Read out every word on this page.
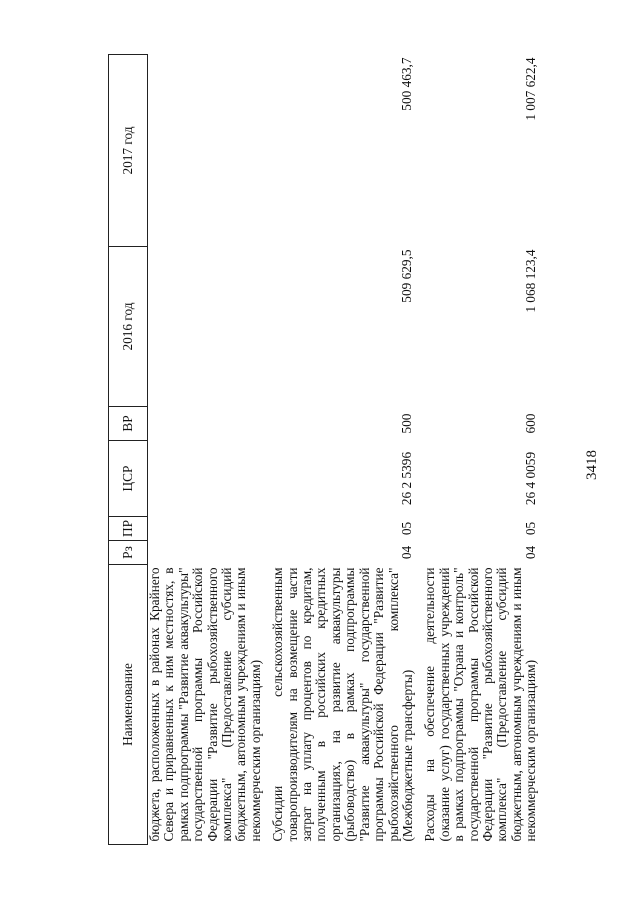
3418
Наименование	Рз	ПР	ЦСР	ВР	2016 год	2017 год
бюджета, расположенных в районах Крайнего Севера и приравненных к ним местностях, в рамках подпрограммы "Развитие аквакультуры" государственной программы Российской Федерации "Развитие рыбохозяйственного комплекса" (Предоставление субсидий бюджетным, автономным учреждениям и иным некоммерческим организациям)						

Субсидии сельскохозяйственным товаропроизводителям на возмещение части затрат на уплату процентов по кредитам, полученным в российских кредитных организациях, на развитие аквакультуры (рыбоводство) в рамках подпрограммы "Развитие аквакультуры" государственной программы Российской Федерации "Развитие рыбохозяйственного комплекса" (Межбюджетные трансферты)	04	05	26 2 5396	500	509 629,5	500 463,7

Расходы на обеспечение деятельности (оказание услуг) государственных учреждений в рамках подпрограммы "Охрана и контроль" государственной программы Российской Федерации "Развитие рыбохозяйственного комплекса" (Предоставление субсидий бюджетным, автономным учреждениям и иным некоммерческим организациям)	04	05	26 4 0059	600	1 068 123,4	1 007 622,4
